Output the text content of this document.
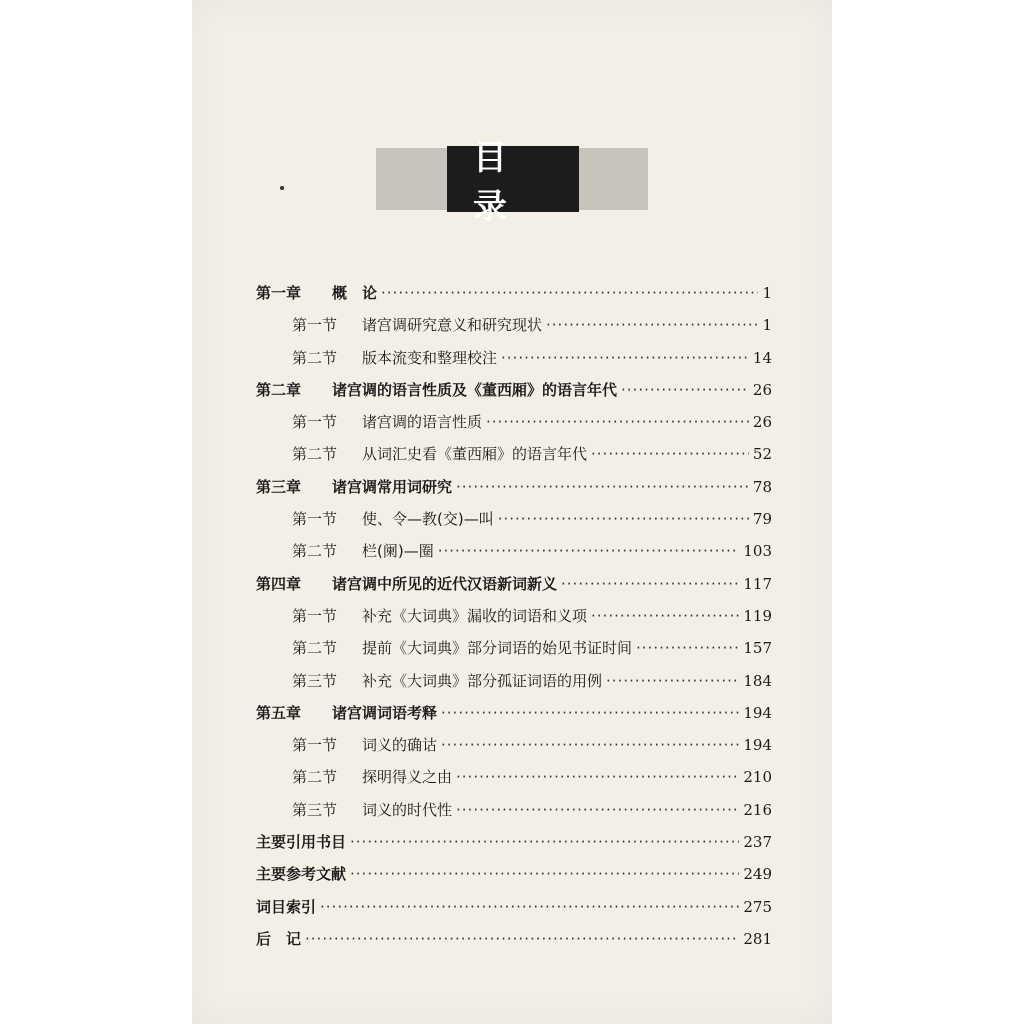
目 录
第一章	概　论 ·····	1
第一节	诸宫调研究意义和研究现状 ·····	1
第二节	版本流变和整理校注 ·····	14
第二章	诸宫调的语言性质及《董西厢》的语言年代 ·····	26
第一节	诸宫调的语言性质 ·····	26
第二节	从词汇史看《董西厢》的语言年代 ·····	52
第三章	诸宫调常用词研究 ·····	78
第一节	使、令—教(交)—叫 ·····	79
第二节	栏(阑)—圈 ·····	103
第四章	诸宫调中所见的近代汉语新词新义 ·····	117
第一节	补充《大词典》漏收的词语和义项 ·····	119
第二节	提前《大词典》部分词语的始见书证时间 ·····	157
第三节	补充《大词典》部分孤证词语的用例 ·····	184
第五章	诸宫调词语考释 ·····	194
第一节	词义的确诂 ·····	194
第二节	探明得义之由 ·····	210
第三节	词义的时代性 ·····	216
主要引用书目 ·····	237
主要参考文献 ·····	249
词目索引 ·····	275
后　记 ·····	281
